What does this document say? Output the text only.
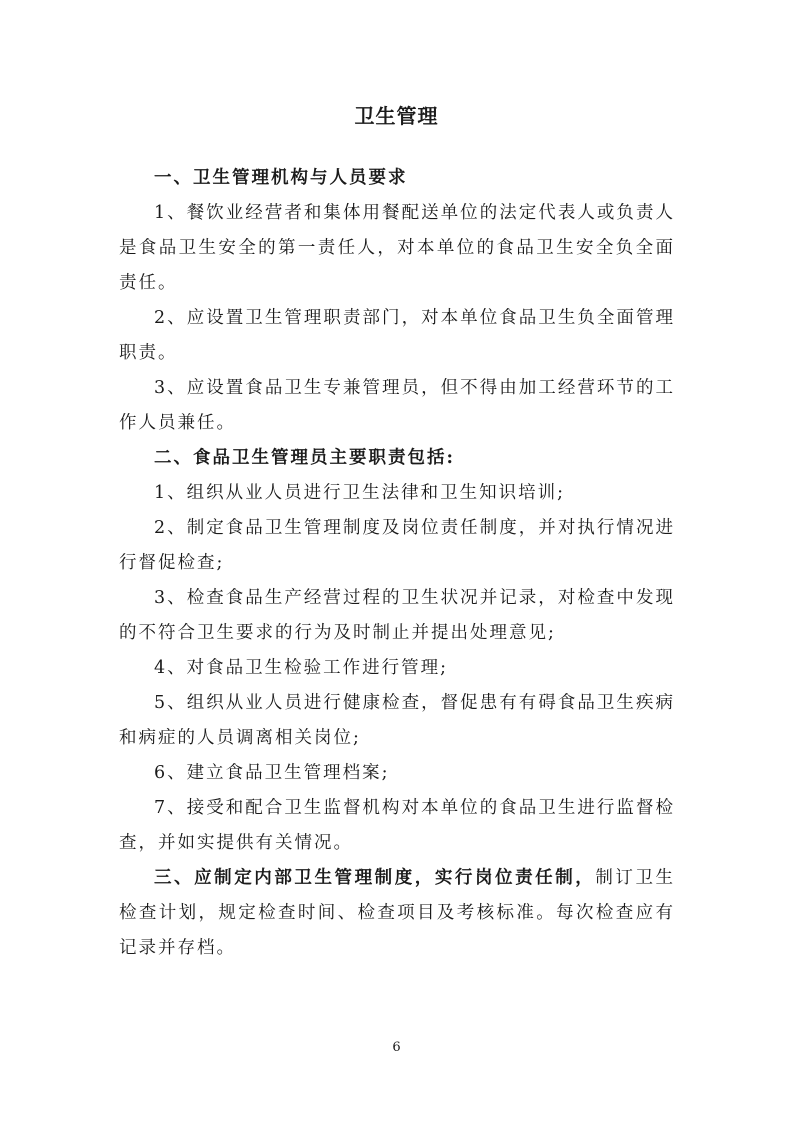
卫生管理

一、卫生管理机构与人员要求

1、餐饮业经营者和集体用餐配送单位的法定代表人或负责人是食品卫生安全的第一责任人，对本单位的食品卫生安全负全面责任。

2、应设置卫生管理职责部门，对本单位食品卫生负全面管理职责。

3、应设置食品卫生专兼管理员，但不得由加工经营环节的工作人员兼任。

二、食品卫生管理员主要职责包括:

1、组织从业人员进行卫生法律和卫生知识培训;

2、制定食品卫生管理制度及岗位责任制度，并对执行情况进行督促检查;

3、检查食品生产经营过程的卫生状况并记录，对检查中发现的不符合卫生要求的行为及时制止并提出处理意见;

4、对食品卫生检验工作进行管理;

5、组织从业人员进行健康检查，督促患有有碍食品卫生疾病和病症的人员调离相关岗位;

6、建立食品卫生管理档案;

7、接受和配合卫生监督机构对本单位的食品卫生进行监督检查，并如实提供有关情况。

三、应制定内部卫生管理制度，实行岗位责任制，制订卫生检查计划，规定检查时间、检查项目及考核标准。每次检查应有记录并存档。

6
